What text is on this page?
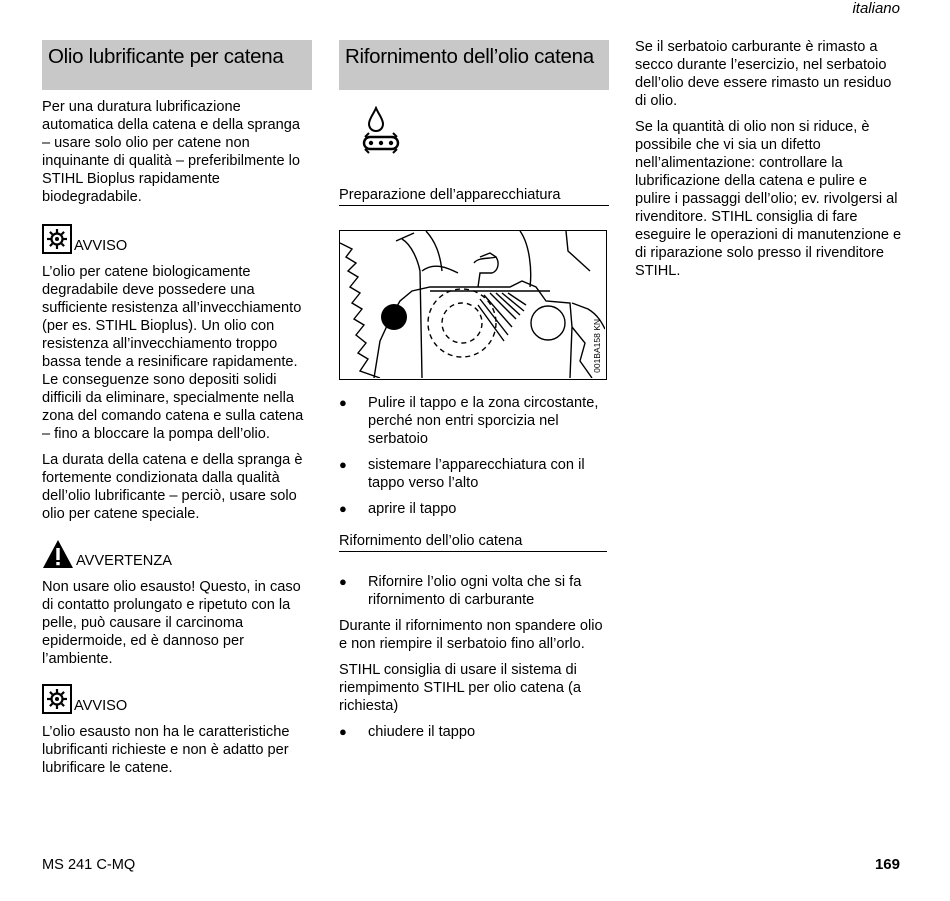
italiano
Olio lubrificante per catena

Per una duratura lubrificazione automatica della catena e della spranga – usare solo olio per catene non inquinante di qualità – preferibilmente lo STIHL Bioplus rapidamente biodegradabile.

AVVISO

L’olio per catene biologicamente degradabile deve possedere una sufficiente resistenza all’invecchiamento (per es. STIHL Bioplus). Un olio con resistenza all’invecchiamento troppo bassa tende a resinificare rapidamente. Le conseguenze sono depositi solidi difficili da eliminare, specialmente nella zona del comando catena e sulla catena – fino a bloccare la pompa dell’olio.

La durata della catena e della spranga è fortemente condizionata dalla qualità dell’olio lubrificante – perciò, usare solo olio per catene speciale.

AVVERTENZA

Non usare olio esausto! Questo, in caso di contatto prolungato e ripetuto con la pelle, può causare il carcinoma epidermoide, ed è dannoso per l’ambiente.

AVVISO

L’olio esausto non ha le caratteristiche lubrificanti richieste e non è adatto per lubrificare le catene.

Rifornimento dell’olio catena
Preparazione dell’apparecchiatura
001BA158 KN
●	Pulire il tappo e la zona circostante, perché non entri sporcizia nel serbatoio
●	sistemare l’apparecchiatura con il tappo verso l’alto
●	aprire il tappo
Rifornimento dell’olio catena
●	Rifornire l’olio ogni volta che si fa rifornimento di carburante

Durante il rifornimento non spandere olio e non riempire il serbatoio fino all’orlo.

STIHL consiglia di usare il sistema di riempimento STIHL per olio catena (a richiesta)

●	chiudere il tappo

Se il serbatoio carburante è rimasto a secco durante l’esercizio, nel serbatoio dell’olio deve essere rimasto un residuo di olio.

Se la quantità di olio non si riduce, è possibile che vi sia un difetto nell’alimentazione: controllare la lubrificazione della catena e pulire e pulire i passaggi dell’olio; ev. rivolgersi al rivenditore. STIHL consiglia di fare eseguire le operazioni di manutenzione e di riparazione solo presso il rivenditore STIHL.

MS 241 C-MQ	169
